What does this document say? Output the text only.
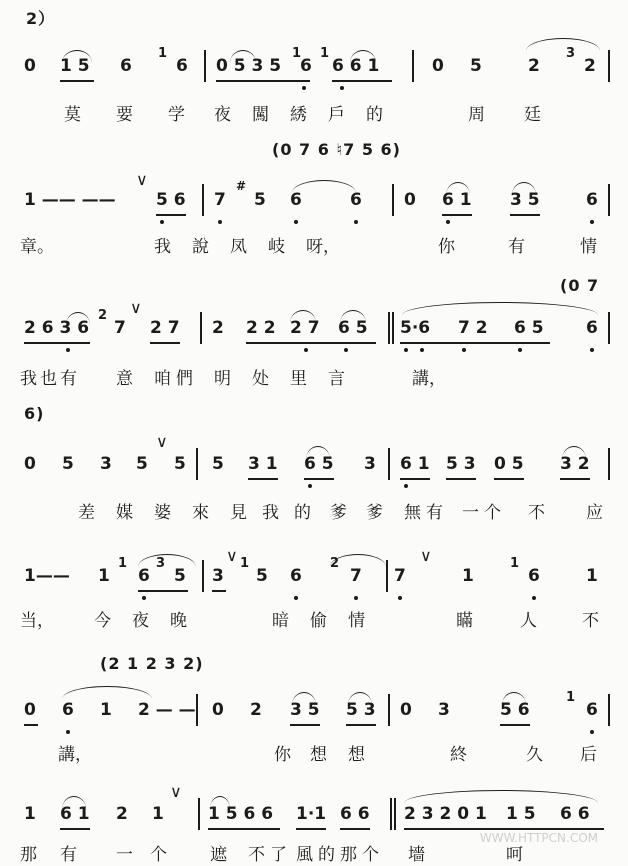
2）
0 1 5 6
1
6 0 5 3 5
1
6
1
6 6 1	0 5	2
3
2
莫 要 学 夜 闖 綉 戶 的	周 廷
(0 7 6 ♮7 5 6)
1 —— ——
∨
5 6 7
#
5 6	6 0 6 1 3 5	6
章。	我 說 凤 岐 呀，	你	有	情
(0 7
2 6 3 6
2
7
∨
2 7 2 2 2 2 7 6 5 5·6 7 2 6 5 6
我 也 有 意 咱 們 明 处 里 言	講，
6)
0 5 3 5
∨
5 5 3 1 6 5 3 6 1 5 3 0 5 3 2
差 媒 婆 來 見 我 的 爹 爹 無 有 一 个 不 应
1—— 1
1
6
3
5 3
∨ 1
5 6
2
7 7
∨
1
1
6	1
当， 今 夜 晚	暗 偷 情	瞞	人	不
(2 1 2 3 2)
0 6 1 2 — — 0 2 3 5 5 3 0 3	5 6
1
6
講，	你 想 想	終	久 后
1 6 1 2 1
∨
1 5 6 6 1·1 6 6 2 3 2 0 1 1 5 6 6
那 有 一 个	遮 不 了 風 的 那 个 墻	呵
WWW.HTTPCN.COM
